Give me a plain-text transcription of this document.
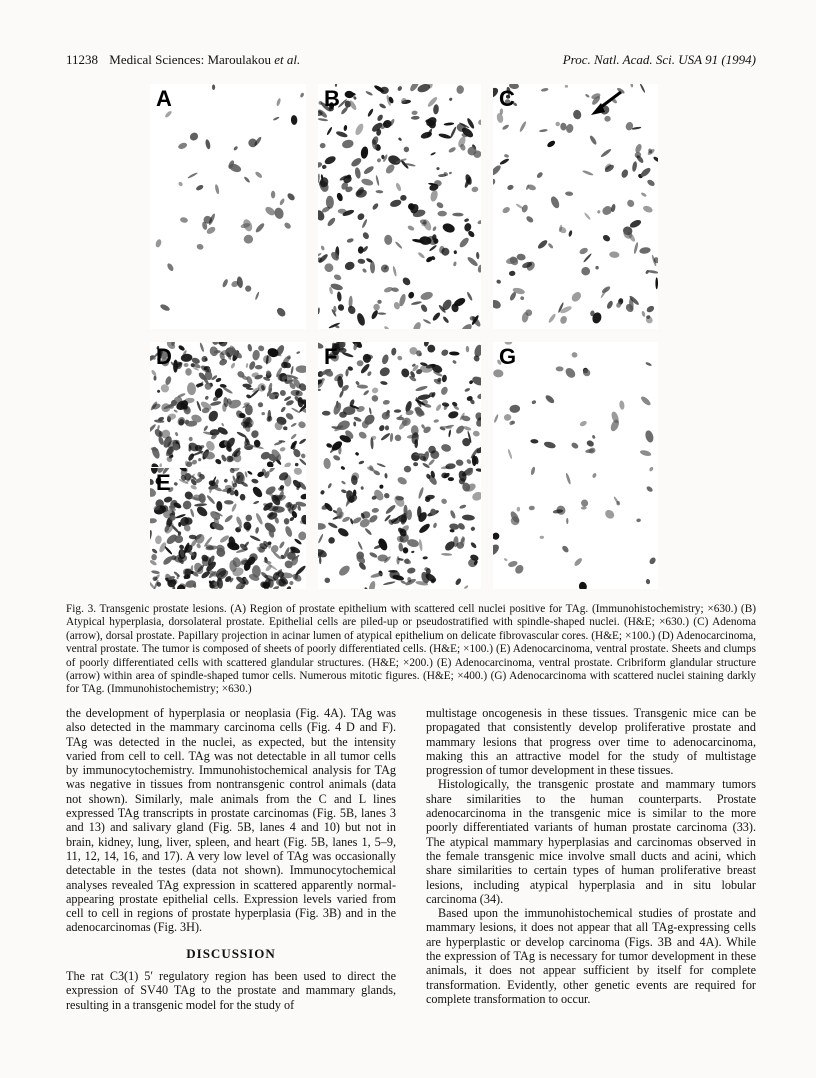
11238 Medical Sciences: Maroulakou et al.	Proc. Natl. Acad. Sci. USA 91 (1994)
A	B	C
D
E
F	G
Fig. 3. Transgenic prostate lesions. (A) Region of prostate epithelium with scattered cell nuclei positive for TAg. (Immunohistochemistry; ×630.) (B) Atypical hyperplasia, dorsolateral prostate. Epithelial cells are piled-up or pseudostratified with spindle-shaped nuclei. (H&E; ×630.) (C) Adenoma (arrow), dorsal prostate. Papillary projection in acinar lumen of atypical epithelium on delicate fibrovascular cores. (H&E; ×100.) (D) Adenocarcinoma, ventral prostate. The tumor is composed of sheets of poorly differentiated cells. (H&E; ×100.) (E) Adenocarcinoma, ventral prostate. Sheets and clumps of poorly differentiated cells with scattered glandular structures. (H&E; ×200.) (E) Adenocarcinoma, ventral prostate. Cribriform glandular structure (arrow) within area of spindle-shaped tumor cells. Numerous mitotic figures. (H&E; ×400.) (G) Adenocarcinoma with scattered nuclei staining darkly for TAg. (Immunohistochemistry; ×630.)

the development of hyperplasia or neoplasia (Fig. 4A). TAg was also detected in the mammary carcinoma cells (Fig. 4 D and F). TAg was detected in the nuclei, as expected, but the intensity varied from cell to cell. TAg was not detectable in all tumor cells by immunocytochemistry. Immunohistochemical analysis for TAg was negative in tissues from nontransgenic control animals (data not shown). Similarly, male animals from the C and L lines expressed TAg transcripts in prostate carcinomas (Fig. 5B, lanes 3 and 13) and salivary gland (Fig. 5B, lanes 4 and 10) but not in brain, kidney, lung, liver, spleen, and heart (Fig. 5B, lanes 1, 5–9, 11, 12, 14, 16, and 17). A very low level of TAg was occasionally detectable in the testes (data not shown). Immunocytochemical analyses revealed TAg expression in scattered apparently normal-appearing prostate epithelial cells. Expression levels varied from cell to cell in regions of prostate hyperplasia (Fig. 3B) and in the adenocarcinomas (Fig. 3H).

DISCUSSION

The rat C3(1) 5′ regulatory region has been used to direct the expression of SV40 TAg to the prostate and mammary glands, resulting in a transgenic model for the study of

multistage oncogenesis in these tissues. Transgenic mice can be propagated that consistently develop proliferative prostate and mammary lesions that progress over time to adenocarcinoma, making this an attractive model for the study of multistage progression of tumor development in these tissues.

Histologically, the transgenic prostate and mammary tumors share similarities to the human counterparts. Prostate adenocarcinoma in the transgenic mice is similar to the more poorly differentiated variants of human prostate carcinoma (33). The atypical mammary hyperplasias and carcinomas observed in the female transgenic mice involve small ducts and acini, which share similarities to certain types of human proliferative breast lesions, including atypical hyperplasia and in situ lobular carcinoma (34).

Based upon the immunohistochemical studies of prostate and mammary lesions, it does not appear that all TAg-expressing cells are hyperplastic or develop carcinoma (Figs. 3B and 4A). While the expression of TAg is necessary for tumor development in these animals, it does not appear sufficient by itself for complete transformation. Evidently, other genetic events are required for complete transformation to occur.
